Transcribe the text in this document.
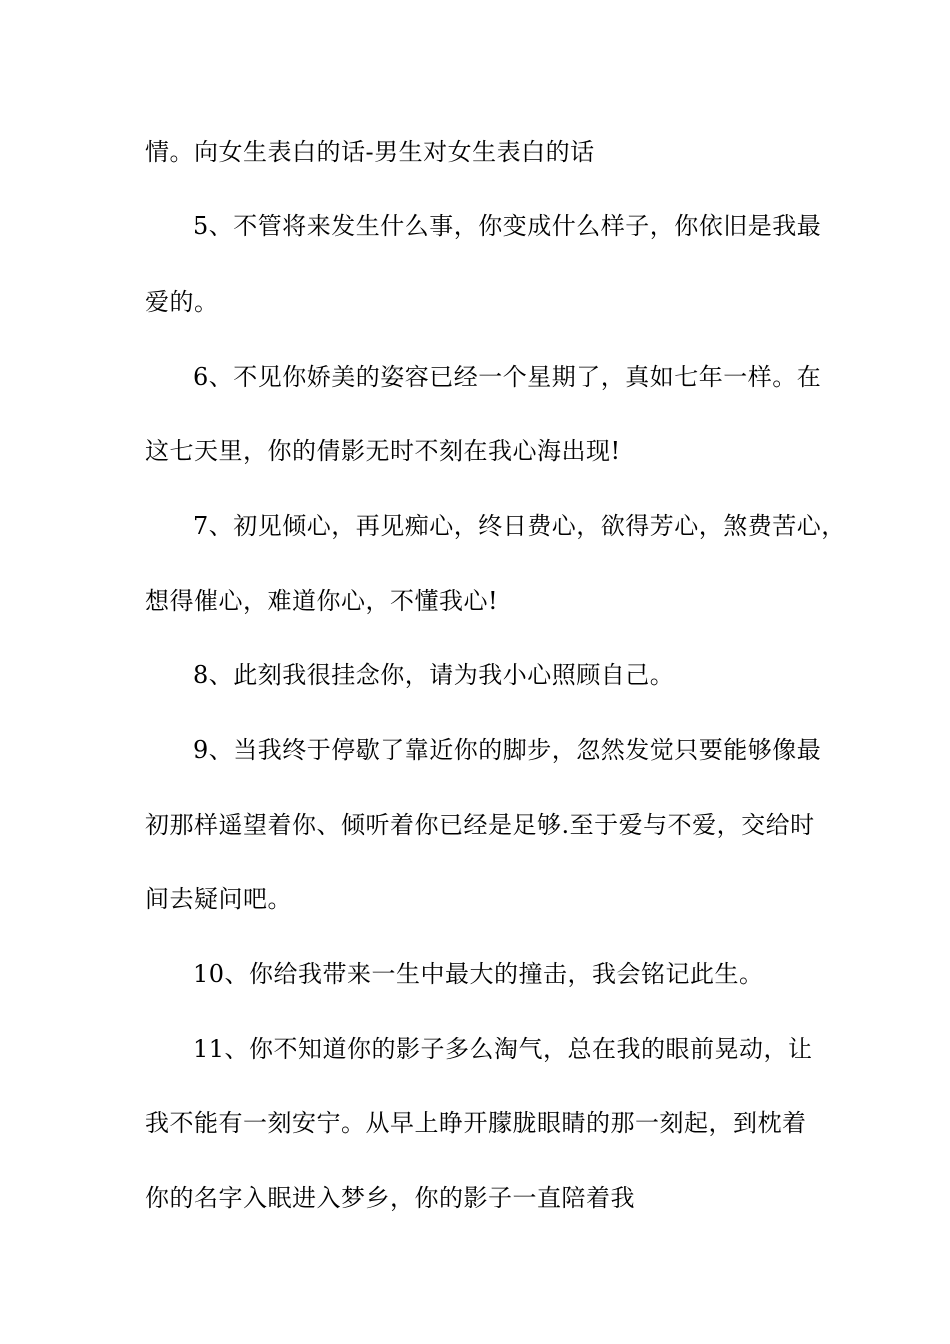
情。向女生表白的话-男生对女生表白的话
5、不管将来发生什么事，你变成什么样子，你依旧是我最
爱的。
6、不见你娇美的姿容已经一个星期了，真如七年一样。在
这七天里，你的倩影无时不刻在我心海出现!
7、初见倾心，再见痴心，终日费心，欲得芳心，煞费苦心，
想得催心，难道你心，不懂我心!
8、此刻我很挂念你，请为我小心照顾自己。
9、当我终于停歇了靠近你的脚步，忽然发觉只要能够像最
初那样遥望着你、倾听着你已经是足够.至于爱与不爱，交给时
间去疑问吧。
10、你给我带来一生中最大的撞击，我会铭记此生。
11、你不知道你的影子多么淘气，总在我的眼前晃动，让
我不能有一刻安宁。从早上睁开朦胧眼睛的那一刻起，到枕着
你的名字入眠进入梦乡，你的影子一直陪着我
